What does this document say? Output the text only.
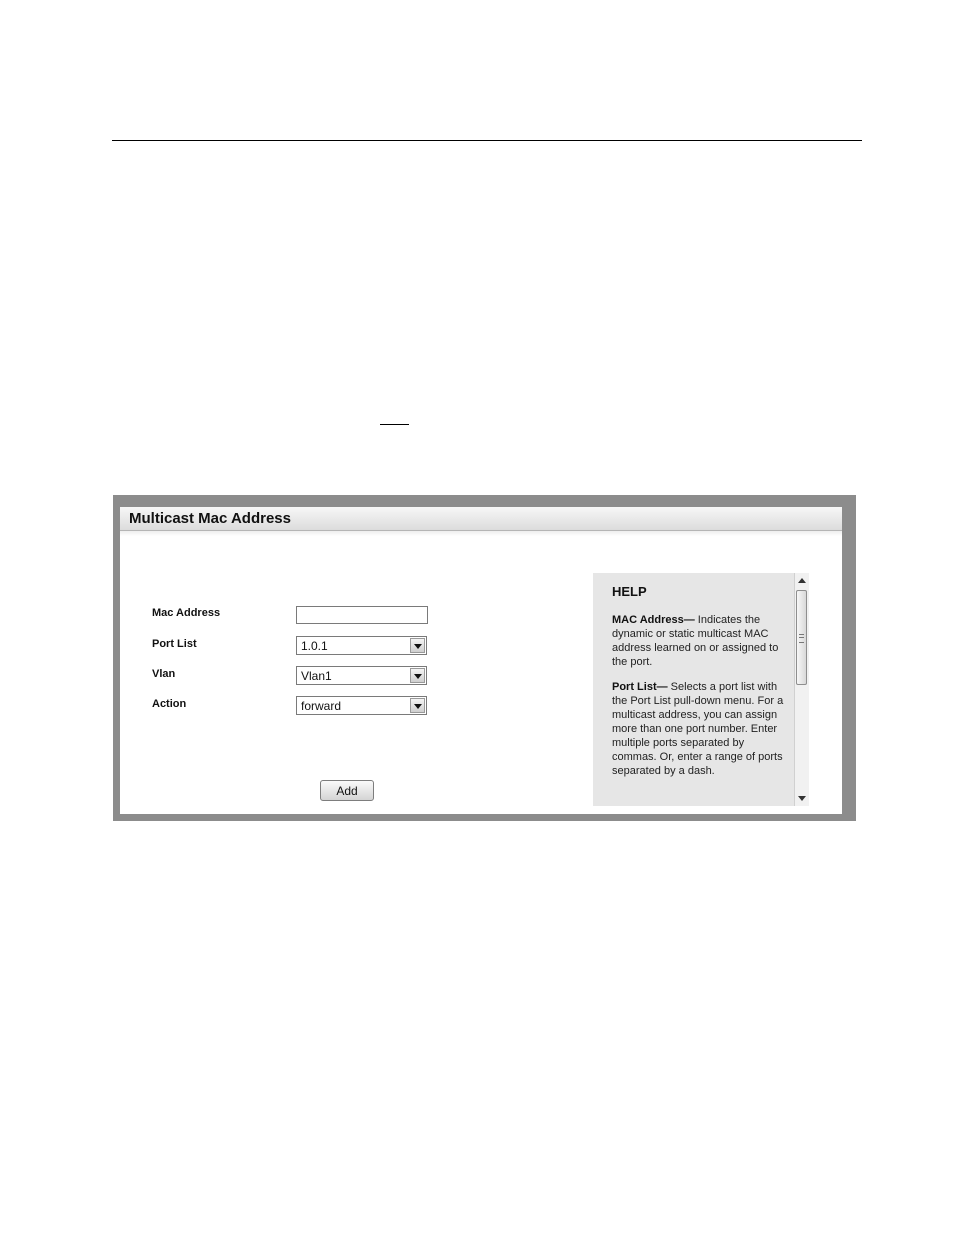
Multicast Mac Address
Mac Address
Port List	1.0.1
Vlan	Vlan1
Action	forward
Add
HELP

MAC Address— Indicates the dynamic or static multicast MAC address learned on or assigned to the port.

Port List— Selects a port list with the Port List pull-down menu. For a multicast address, you can assign more than one port number. Enter multiple ports separated by commas. Or, enter a range of ports separated by a dash.
